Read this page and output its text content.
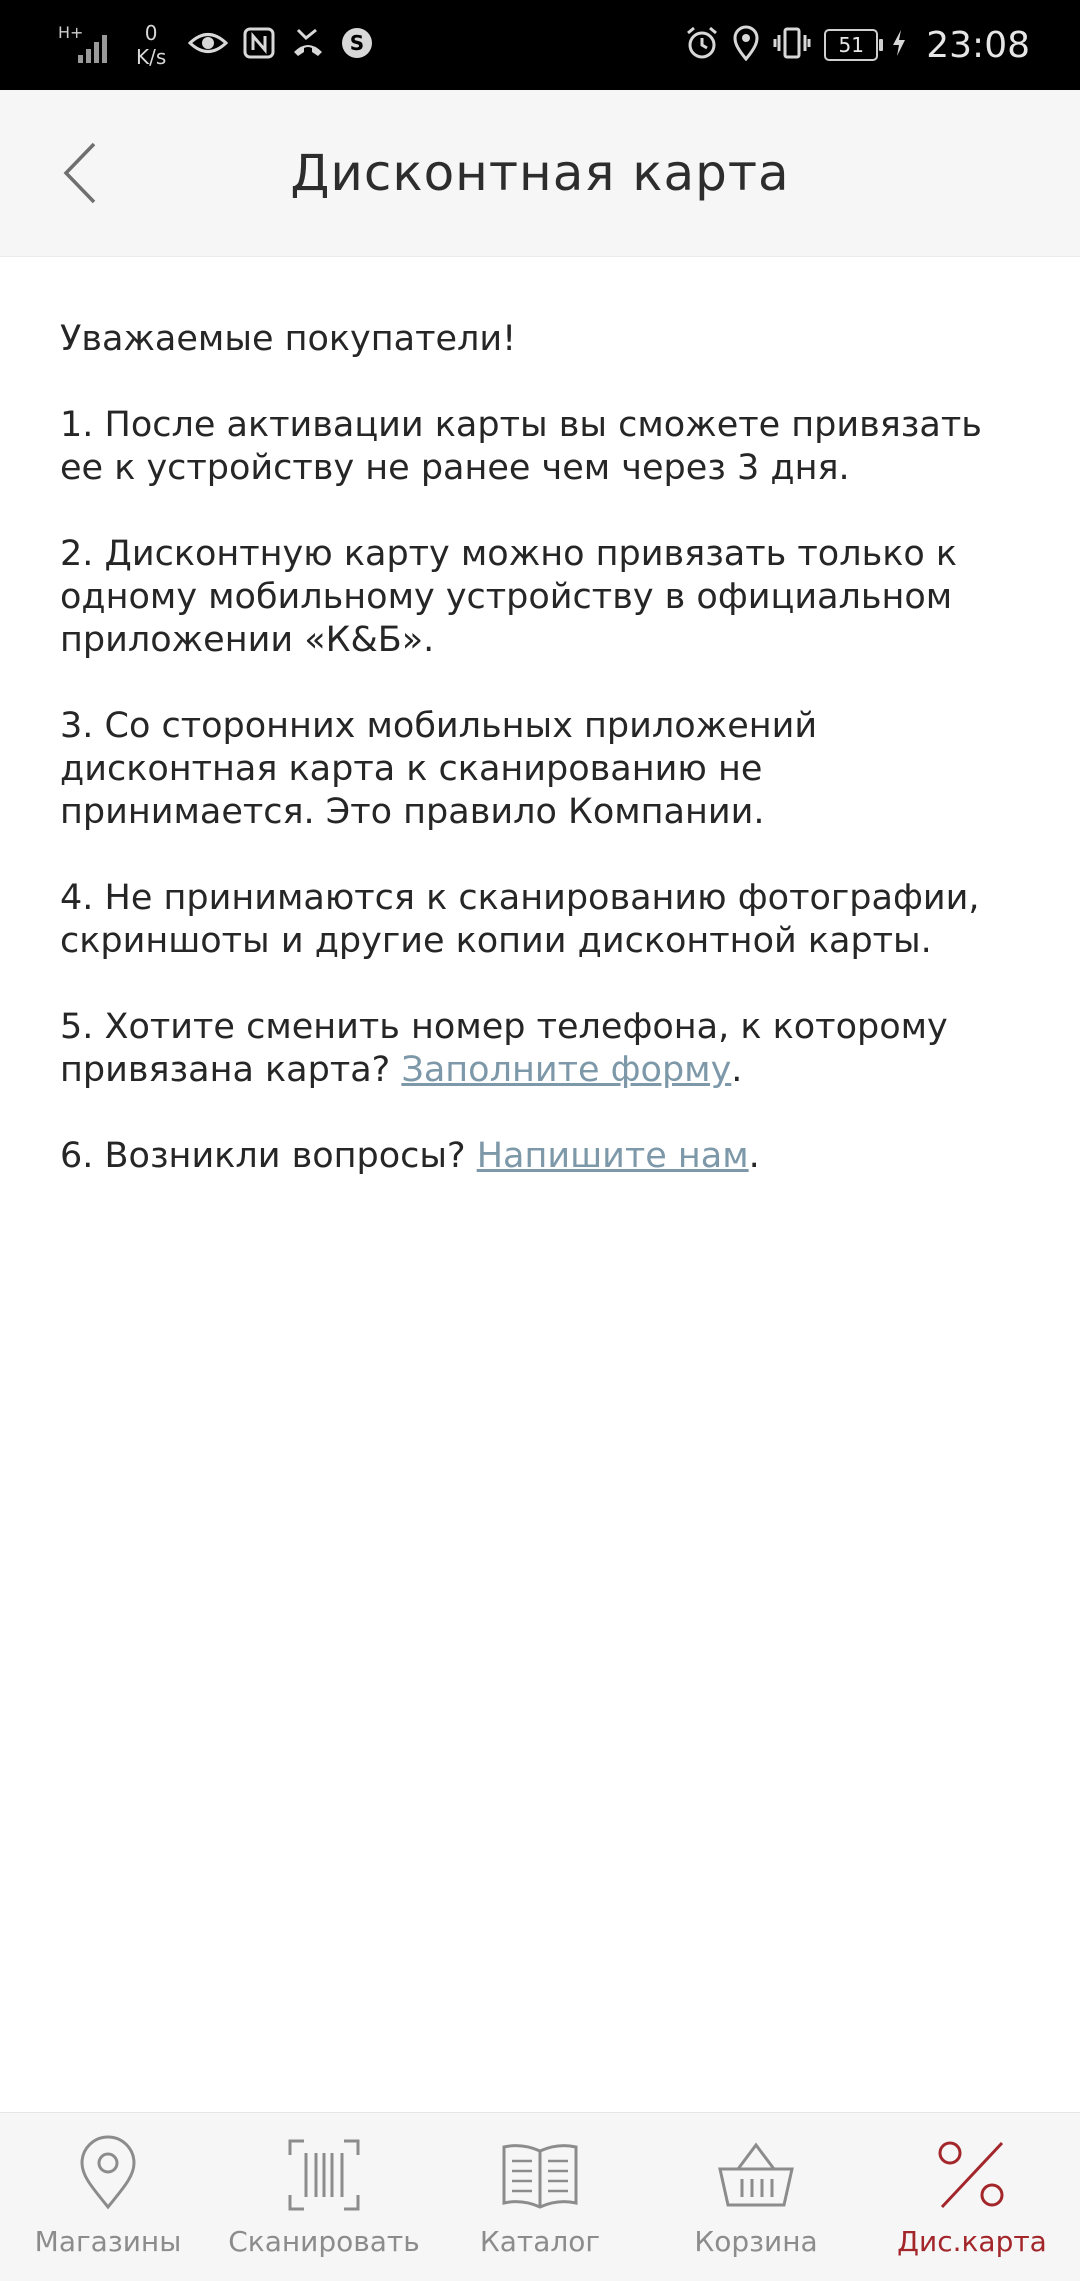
H+	0
K/s
S	51 23:08
Дисконтная карта

Уважаемые покупатели!

1. После активации карты вы сможете привязать ее к устройству не ранее чем через 3 дня.

2. Дисконтную карту можно привязать только к одному мобильному устройству в официальном приложении «К&Б».

3. Со сторонних мобильных приложений дисконтная карта к сканированию не принимается. Это правило Компании.

4. Не принимаются к сканированию фотографии, скриншоты и другие копии дисконтной карты.

5. Хотите сменить номер телефона, к которому привязана карта? Заполните форму.

6. Возникли вопросы? Напишите нам.

Магазины Сканировать Каталог	Корзина	Дис.карта
